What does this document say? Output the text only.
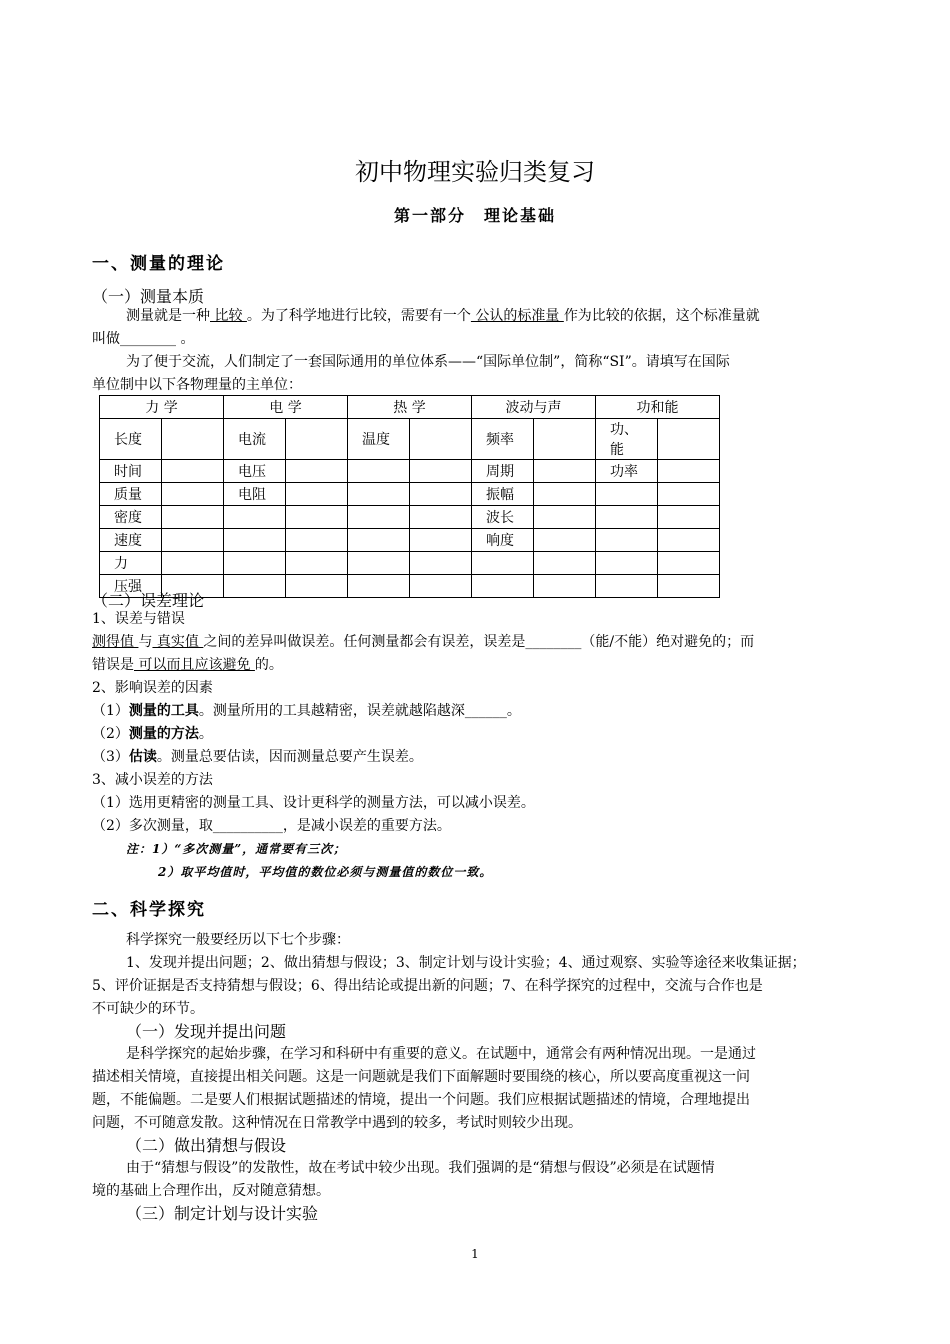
初中物理实验归类复习
第一部分　理论基础
一、测量的理论
（一）测量本质
测量就是一种 比较 。为了科学地进行比较，需要有一个 公认的标准量 作为比较的依据，这个标准量就
叫做________ 。
为了便于交流，人们制定了一套国际通用的单位体系——“国际单位制”，简称“SI”。请填写在国际
单位制中以下各物理量的主单位：
力 学		电 学		热 学		波动与声		功和能	
长度		电流		温度		频率		功、能	
时间		电压				周期		功率	
质量		电阻				振幅			
密度						波长			
速度						响度			
力									
压强									
（二）误差理论
1、误差与错误
测得值 与 真实值 之间的差异叫做误差。任何测量都会有误差，误差是________（能/不能）绝对避免的；而
错误是 可以而且应该避免 的。
2、影响误差的因素
（1）测量的工具。测量所用的工具越精密，误差就越陷越深______。
（2）测量的方法。
（3）估读。测量总要估读，因而测量总要产生误差。
3、减小误差的方法
（1）选用更精密的测量工具、设计更科学的测量方法，可以减小误差。
（2）多次测量，取__________，是减小误差的重要方法。
注：1）“多次测量”，通常要有三次；
2）取平均值时，平均值的数位必须与测量值的数位一致。
二、科学探究
科学探究一般要经历以下七个步骤：
1、发现并提出问题；2、做出猜想与假设；3、制定计划与设计实验；4、通过观察、实验等途径来收集证据；
5、评价证据是否支持猜想与假设；6、得出结论或提出新的问题；7、在科学探究的过程中，交流与合作也是
不可缺少的环节。
（一）发现并提出问题
是科学探究的起始步骤，在学习和科研中有重要的意义。在试题中，通常会有两种情况出现。一是通过
描述相关情境，直接提出相关问题。这是一问题就是我们下面解题时要围绕的核心，所以要高度重视这一问
题，不能偏题。二是要人们根据试题描述的情境，提出一个问题。我们应根据试题描述的情境，合理地提出
问题，不可随意发散。这种情况在日常教学中遇到的较多，考试时则较少出现。
（二）做出猜想与假设
由于“猜想与假设”的发散性，故在考试中较少出现。我们强调的是“猜想与假设”必须是在试题情
境的基础上合理作出，反对随意猜想。
（三）制定计划与设计实验
1
